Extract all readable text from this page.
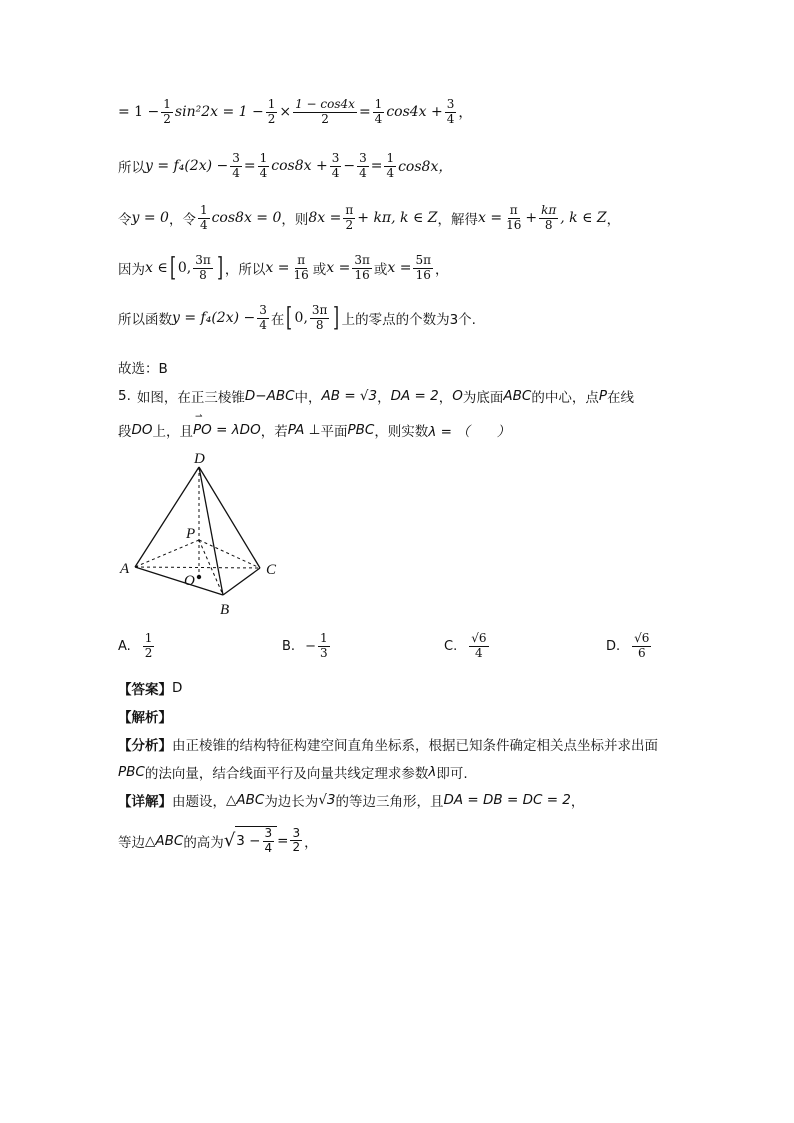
= $1 - \frac{1}{2} \sin^22x = 1 - \frac{1}{2} \times \frac{1 - \cos 4x}{2} = \frac{1}{4} \cos 4x + \frac{3}{4}$ ，
所以 $y = f_4(2x) - \frac{3}{4} = \frac{1}{4} \cos 8x + \frac{3}{4} - \frac{3}{4} = \frac{1}{4} \cos 8x$，
令 y = 0 ，令 $\frac{1}{4} \cos 8x = 0$ ，则 $8x = \frac{\pi}{2} + k\pi$, k ∈ Z ，解得 $x = \frac{\pi}{16} + \frac{k\pi}{8}$ , k ∈ Z ，
因为 x ∈ [ 0, $\frac{3\pi}{8}$ ] ，所以 $x = \frac{\pi}{16}$ 或 $x = \frac{3\pi}{16}$ 或 $x = \frac{5\pi}{16}$ ，
所以函数 $y = f_4(2x) - \frac{3}{4}$ 在 [ 0, $\frac{3\pi}{8}$ ] 上的零点的个数为3个.
故选：B
5. 如图，在正三棱锥 D−ABC 中， AB = √3 ， DA = 2 ， O 为底面 ABC 的中心，点 P 在线
段 DO 上，且
⇀ PO = λDO ，若 PA ⊥ 平面 PBC ，则实数 λ = （　　）
D
P
A
O
C
B
A. $\frac{1}{2}$	B. − $\frac{1}{3}$	C. $\frac{√6}{4}$	D. $\frac{√6}{6}$
【答案】 D
【解析】
【分析】 由正棱锥的结构特征构建空间直角坐标系，根据已知条件确定相关点坐标并求出面
PBC 的法向量，结合线面平行及向量共线定理求参数 λ 即可.
【详解】 由题设， △ABC 为边长为 √3 的等边三角形，且 DA = DB = DC = 2 ，
等边 △ABC 的高为 √ $3 - \frac{3}{4} = \frac{3}{2}$ ，
